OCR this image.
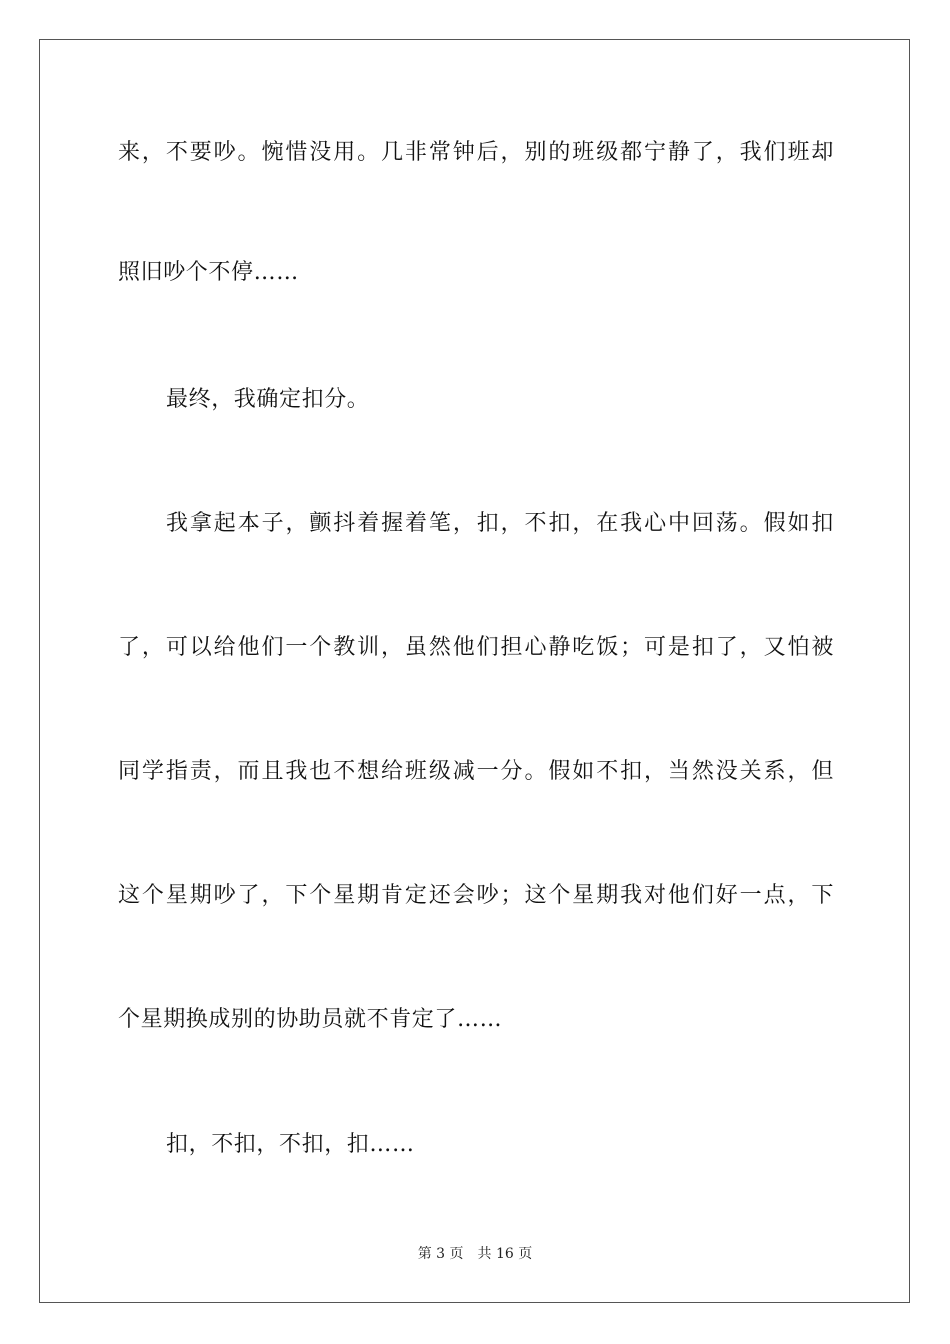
来，不要吵。惋惜没用。几非常钟后，别的班级都宁静了，我们班却
照旧吵个不停……
最终，我确定扣分。
我拿起本子，颤抖着握着笔，扣，不扣，在我心中回荡。假如扣
了，可以给他们一个教训，虽然他们担心静吃饭；可是扣了，又怕被
同学指责，而且我也不想给班级减一分。假如不扣，当然没关系，但
这个星期吵了，下个星期肯定还会吵；这个星期我对他们好一点，下
个星期换成别的协助员就不肯定了……
扣，不扣，不扣，扣……
第 3 页 共 16 页
